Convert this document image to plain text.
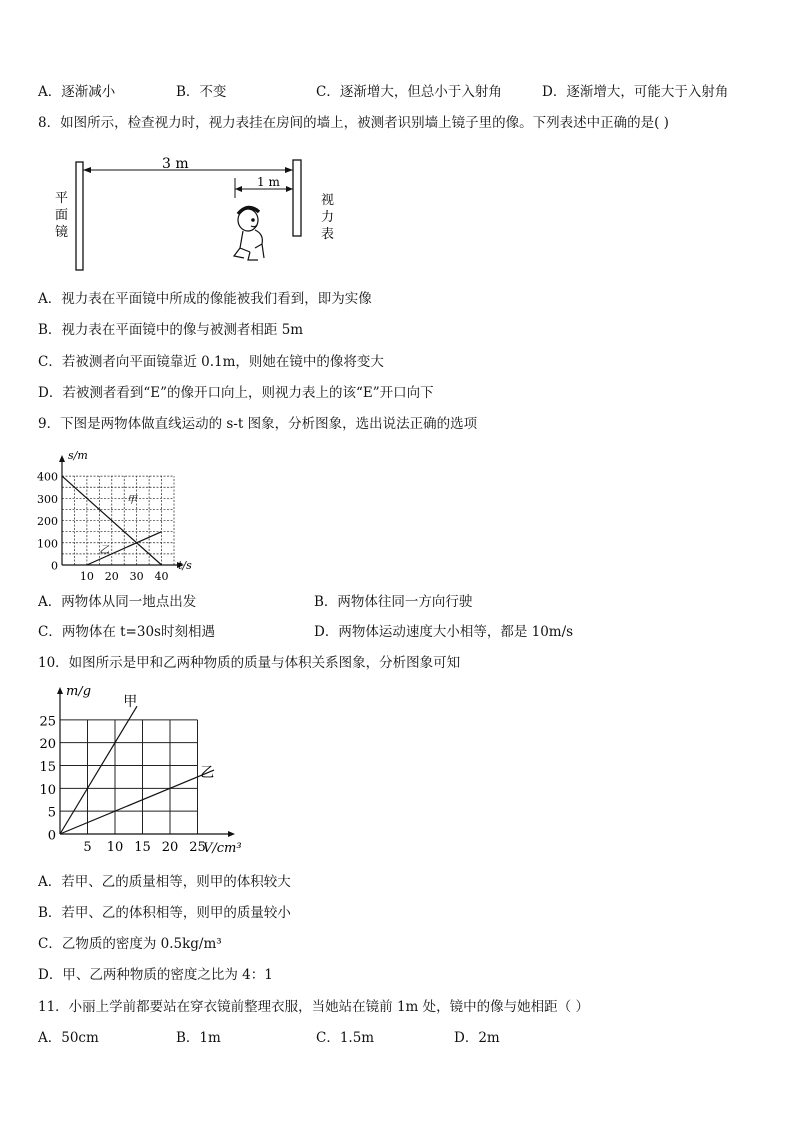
A．逐渐减小	B．不变	C．逐渐增大，但总小于入射角	D．逐渐增大，可能大于入射角
8．如图所示，检查视力时，视力表挂在房间的墙上，被测者识别墙上镜子里的像。下列表述中正确的是( )
3 m
1 m
平
面
镜
视
力
表
A．视力表在平面镜中所成的像能被我们看到，即为实像
B．视力表在平面镜中的像与被测者相距 5m
C．若被测者向平面镜靠近 0.1m，则她在镜中的像将变大
D．若被测者看到“E”的像开口向上，则视力表上的该“E”开口向下
9．下图是两物体做直线运动的 s-t 图象，分析图象，选出说法正确的选项
10 20 30 40
0
100
200
300
400
s/m
t/s
甲
乙
A．两物体从同一地点出发	B．两物体往同一方向行驶
C．两物体在 t=30s时刻相遇	D．两物体运动速度大小相等，都是 10m/s
10．如图所示是甲和乙两种物质的质量与体积关系图象，分析图象可知
5 10 15 20 25
0
5
10
15
20
25
m/g
V/cm³
甲
乙
A．若甲、乙的质量相等，则甲的体积较大
B．若甲、乙的体积相等，则甲的质量较小
C．乙物质的密度为 0.5kg/m³
D．甲、乙两种物质的密度之比为 4：1
11．小丽上学前都要站在穿衣镜前整理衣服，当她站在镜前 1m 处，镜中的像与她相距（ ）
A．50cm	B．1m	C．1.5m	D．2m
